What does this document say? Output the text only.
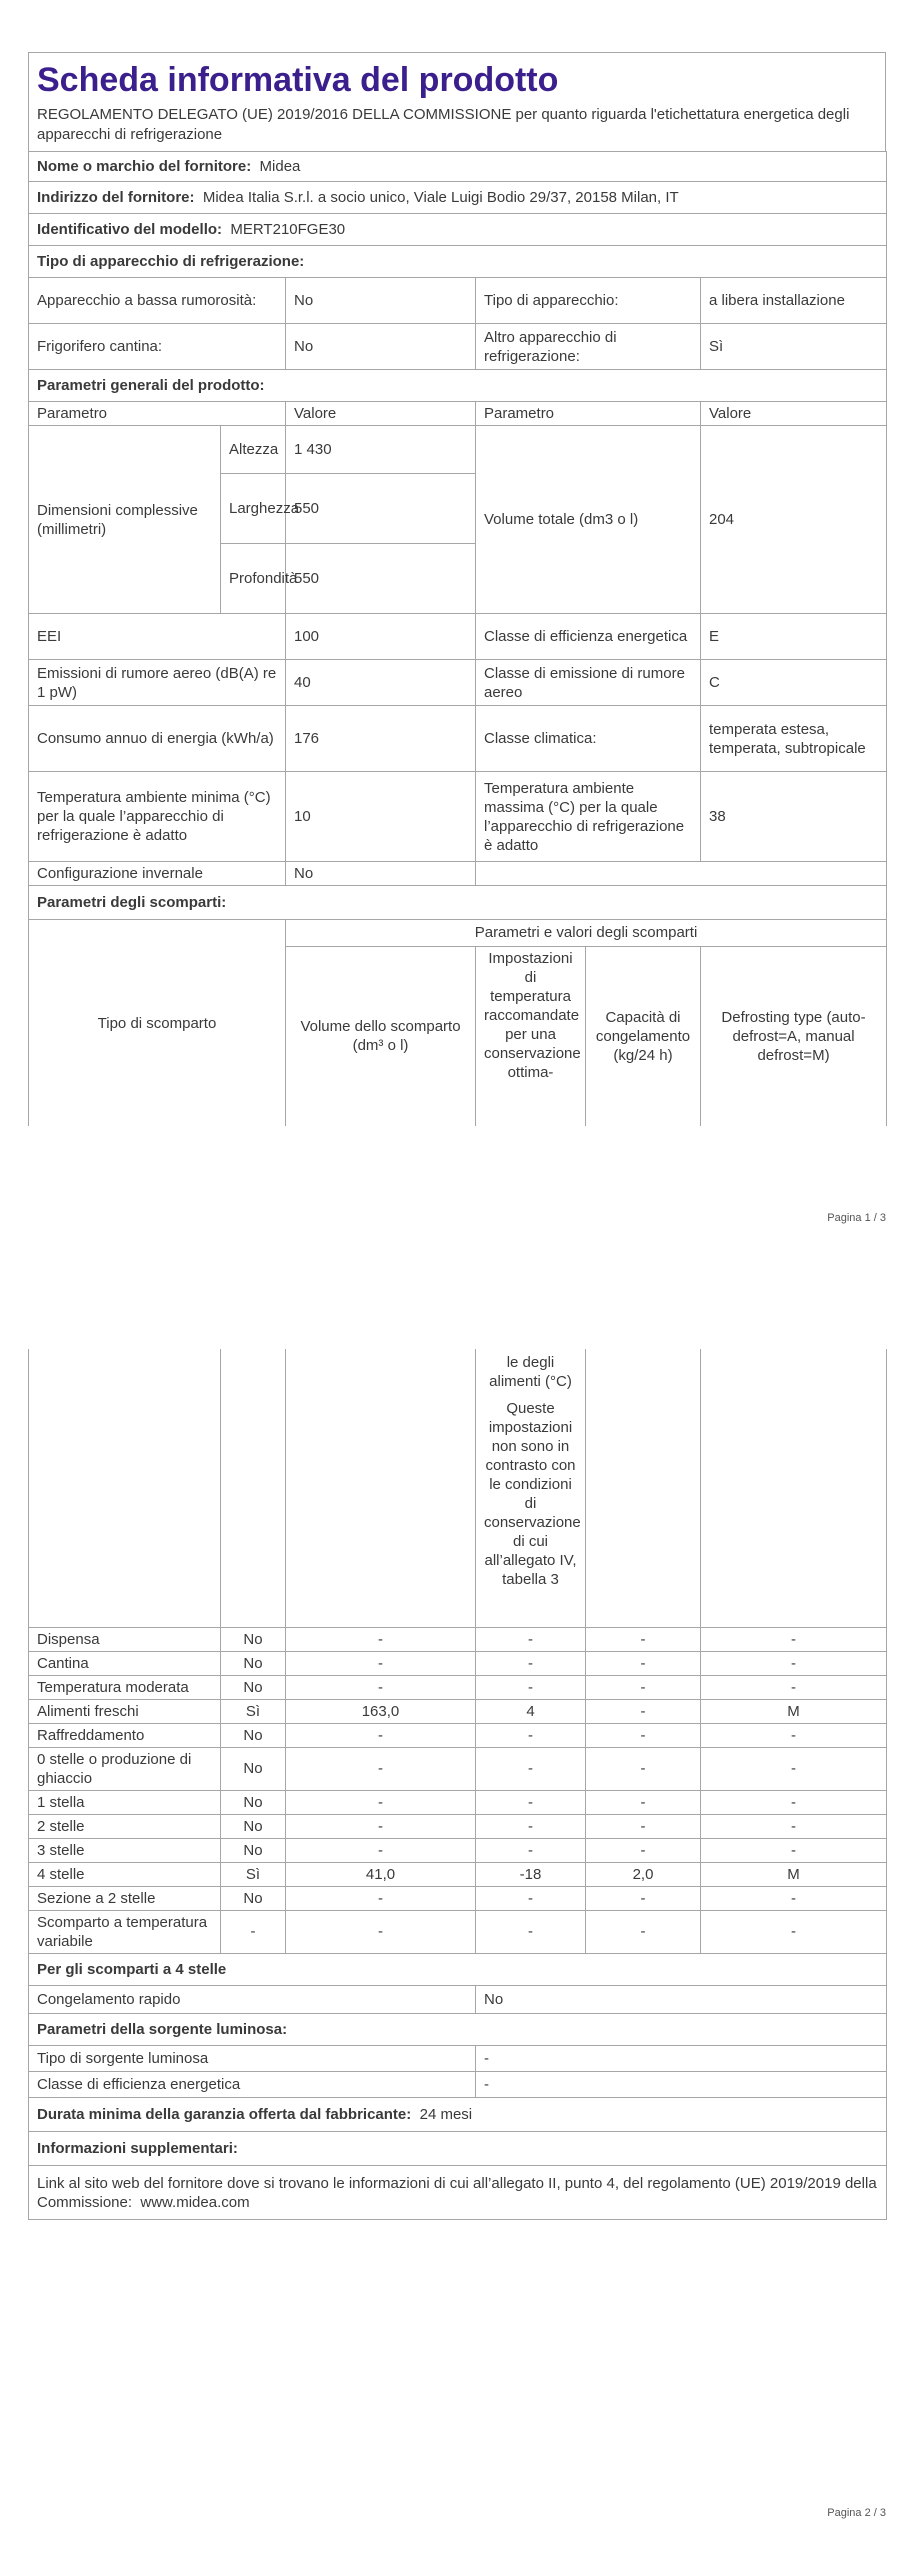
Scheda informativa del prodotto
REGOLAMENTO DELEGATO (UE) 2019/2016 DELLA COMMISSIONE per quanto riguarda l'etichettatura energetica degli apparecchi di refrigerazione
Nome o marchio del fornitore: Midea				
Indirizzo del fornitore: Midea Italia S.r.l. a socio unico, Viale Luigi Bodio 29/37, 20158 Milan, IT				
Identificativo del modello: MERT210FGE30				
Tipo di apparecchio di refrigerazione:				
Apparecchio a bassa rumorosità:		No	Tipo di apparecchio:	a libera installazione
Frigorifero cantina:		No	Altro apparecchio di refrigerazione:	Sì
Parametri generali del prodotto:				
Parametro		Valore	Parametro	Valore
Dimensioni complessive (millimetri)	Altezza	1 430	Volume totale (dm3 o l)	204
	Larghezza	550		
	Profondità	550		
EEI		100	Classe di efficienza energetica	E
Emissioni di rumore aereo (dB(A) re 1 pW)		40	Classe di emissione di rumore aereo	C
Consumo annuo di energia (kWh/a)		176	Classe climatica:	temperata estesa, temperata, subtropicale
Temperatura ambiente minima (°C) per la quale l’apparecchio di refrigerazione è adatto		10	Temperatura ambiente massima (°C) per la quale l’apparecchio di refrigerazione è adatto	38
Configurazione invernale		No		
Parametri degli scomparti:				
Tipo di scomparto	Parametri e valori degli scomparti			
	Volume dello scomparto (dm³ o l)	Impostazioni di temperatura raccomandate per una conservazione ottima-	Capacità di congelamento (kg/24 h)	Defrosting type (auto-defrost=A, manual defrost=M)
Pagina 1 / 3

			le degli alimenti (°C)
Queste impostazioni non sono in contrasto con le condizioni di conservazione di cui all’allegato IV, tabella 3		

Dispensa	No	-	-	-	-
Cantina	No	-	-	-	-
Temperatura moderata	No	-	-	-	-
Alimenti freschi	Sì	163,0	4	-	M
Raffreddamento	No	-	-	-	-
0 stelle o produzione di ghiaccio	No	-	-	-	-
1 stella	No	-	-	-	-
2 stelle	No	-	-	-	-
3 stelle	No	-	-	-	-
4 stelle	Sì	41,0	-18	2,0	M
Sezione a 2 stelle	No	-	-	-	-
Scomparto a temperatura variabile	-	-	-	-	-
Per gli scomparti a 4 stelle	
Congelamento rapido	No
Parametri della sorgente luminosa:	
Tipo di sorgente luminosa	-
Classe di efficienza energetica	-
Durata minima della garanzia offerta dal fabbricante: 24 mesi	
Informazioni supplementari:	
Link al sito web del fornitore dove si trovano le informazioni di cui all’allegato II, punto 4, del regolamento (UE) 2019/2019 della Commissione: www.midea.com	
Pagina 2 / 3
